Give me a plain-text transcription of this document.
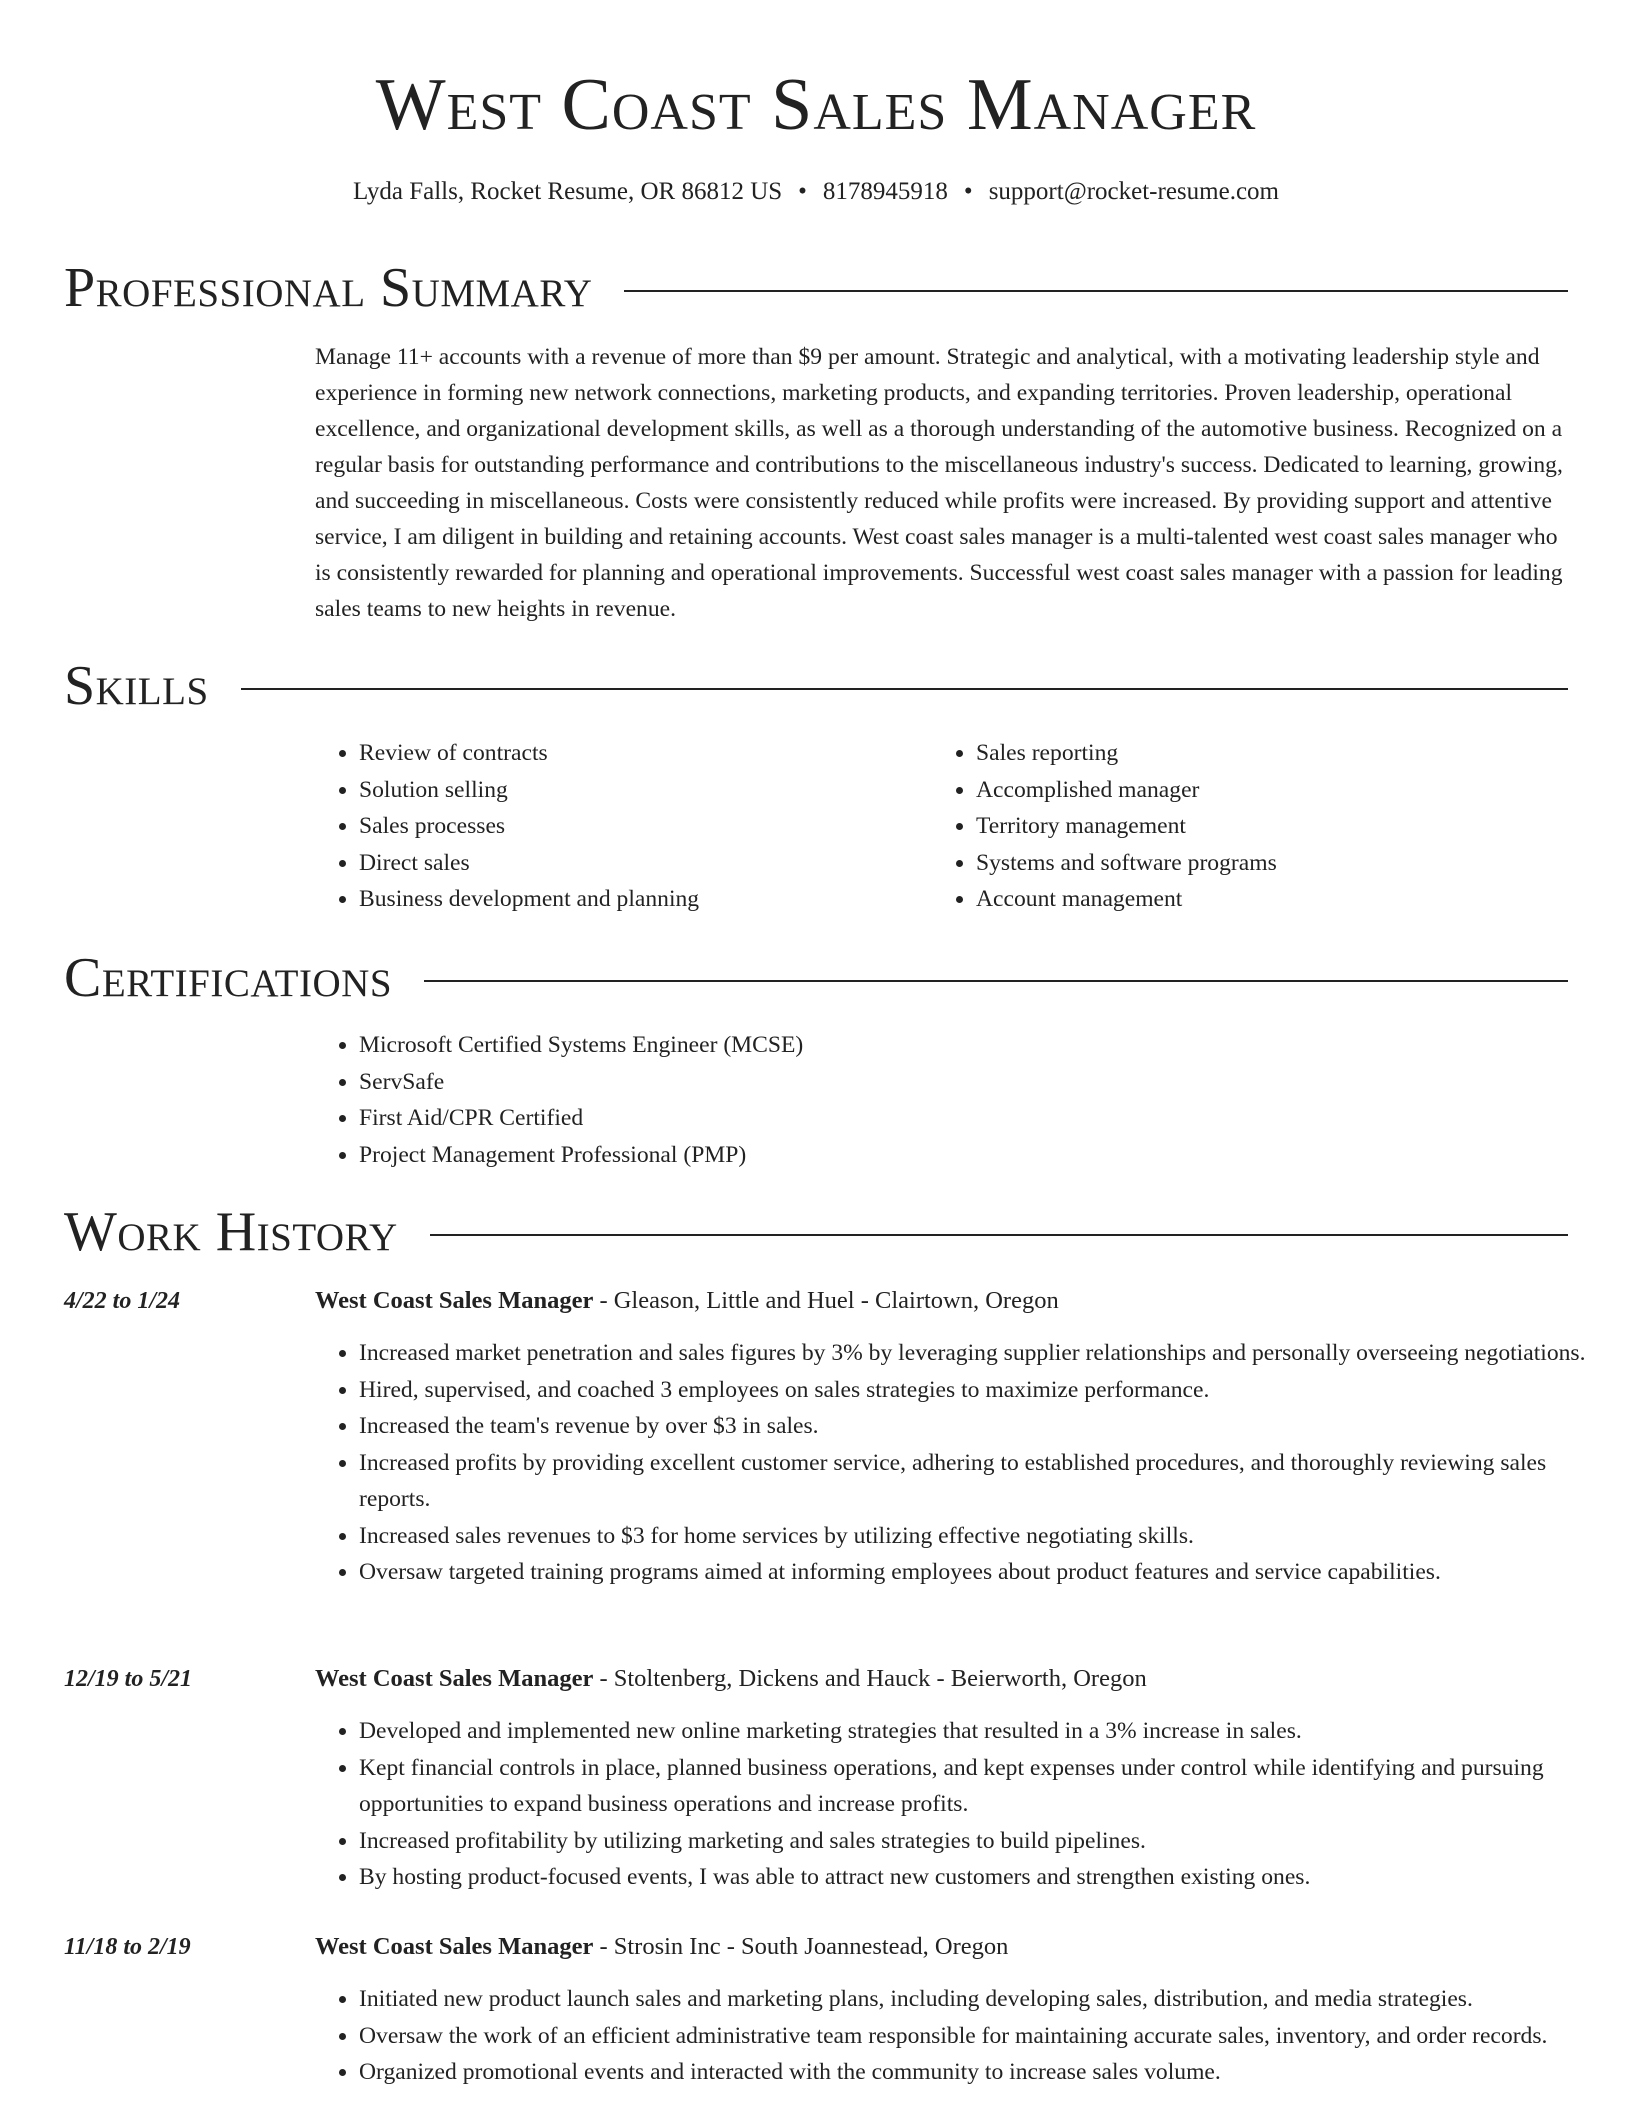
West Coast Sales Manager
Lyda Falls, Rocket Resume, OR 86812 US • 8178945918 • support@rocket-resume.com
Professional Summary

Manage 11+ accounts with a revenue of more than $9 per amount. Strategic and analytical, with a motivating leadership style and experience in forming new network connections, marketing products, and expanding territories. Proven leadership, operational excellence, and organizational development skills, as well as a thorough understanding of the automotive business. Recognized on a regular basis for outstanding performance and contributions to the miscellaneous industry's success. Dedicated to learning, growing, and succeeding in miscellaneous. Costs were consistently reduced while profits were increased. By providing support and attentive service, I am diligent in building and retaining accounts. West coast sales manager is a multi-talented west coast sales manager who is consistently rewarded for planning and operational improvements. Successful west coast sales manager with a passion for leading sales teams to new heights in revenue.

Skills
• Review of contracts
• Solution selling
• Sales processes
• Direct sales
• Business development and planning
• Sales reporting
• Accomplished manager
• Territory management
• Systems and software programs
• Account management
Certifications
• Microsoft Certified Systems Engineer (MCSE)
• ServSafe
• First Aid/CPR Certified
• Project Management Professional (PMP)
Work History
4/22 to 1/24	West Coast Sales Manager - Gleason, Little and Huel - Clairtown, Oregon
• Increased market penetration and sales figures by 3% by leveraging supplier relationships and personally overseeing negotiations.
• Hired, supervised, and coached 3 employees on sales strategies to maximize performance.
• Increased the team's revenue by over $3 in sales.
• Increased profits by providing excellent customer service, adhering to established procedures, and thoroughly reviewing sales reports.
• Increased sales revenues to $3 for home services by utilizing effective negotiating skills.
• Oversaw targeted training programs aimed at informing employees about product features and service capabilities.
12/19 to 5/21	West Coast Sales Manager - Stoltenberg, Dickens and Hauck - Beierworth, Oregon
• Developed and implemented new online marketing strategies that resulted in a 3% increase in sales.
• Kept financial controls in place, planned business operations, and kept expenses under control while identifying and pursuing opportunities to expand business operations and increase profits.
• Increased profitability by utilizing marketing and sales strategies to build pipelines.
• By hosting product-focused events, I was able to attract new customers and strengthen existing ones.
11/18 to 2/19	West Coast Sales Manager - Strosin Inc - South Joannestead, Oregon
• Initiated new product launch sales and marketing plans, including developing sales, distribution, and media strategies.
• Oversaw the work of an efficient administrative team responsible for maintaining accurate sales, inventory, and order records.
• Organized promotional events and interacted with the community to increase sales volume.
